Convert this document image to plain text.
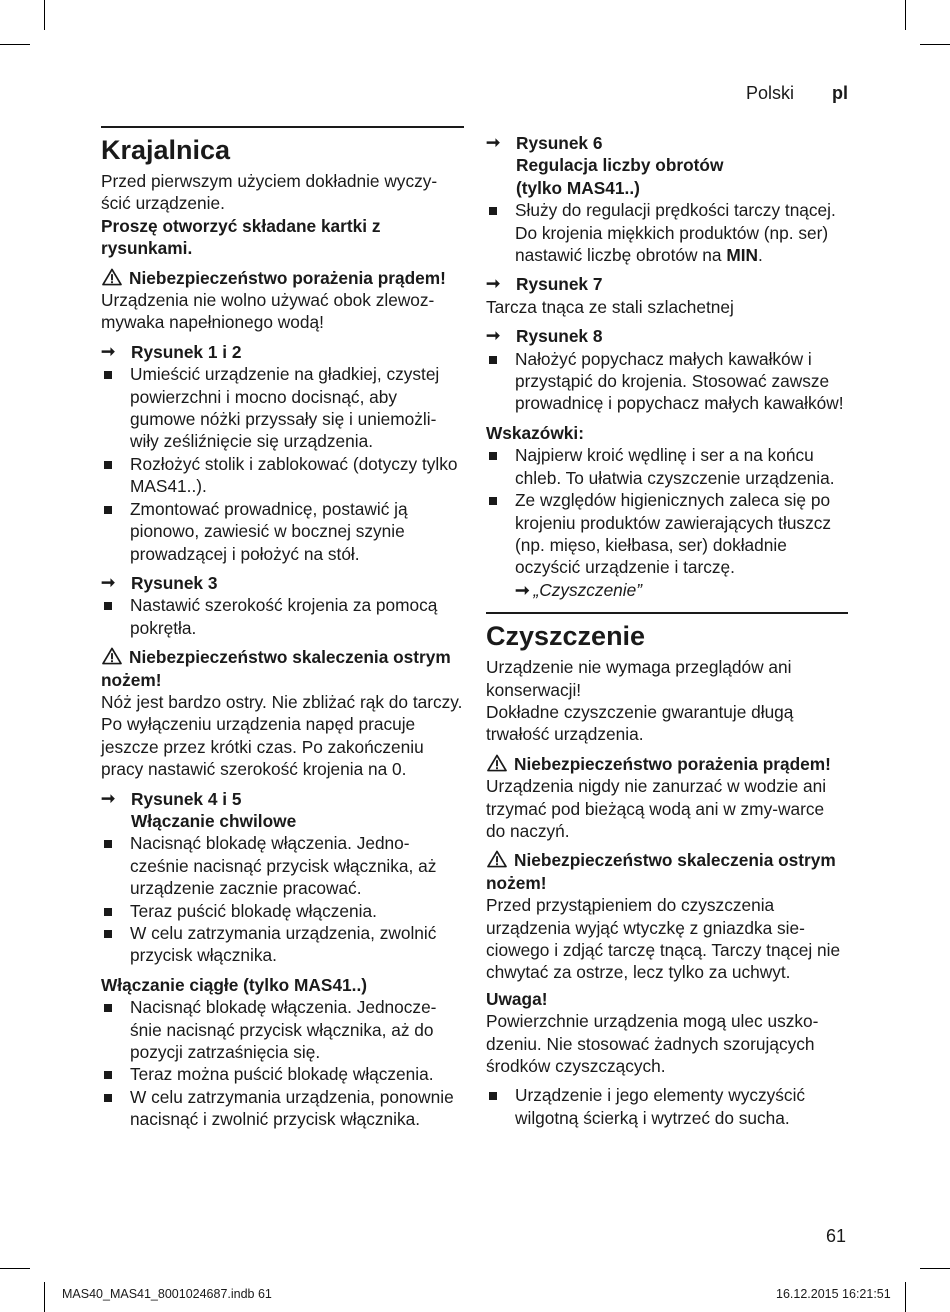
Polski pl
Krajalnica

Przed pierwszym użyciem dokładnie wyczy-ścić urządzenie.

Proszę otworzyć składane kartki z rysunkami.

Niebezpieczeństwo porażenia prądem!

Urządzenia nie wolno używać obok zlewoz-mywaka napełnionego wodą!

➞ Rysunek 1 i 2

Umieścić urządzenie na gładkiej, czystej powierzchni i mocno docisnąć, aby gumowe nóżki przyssały się i uniemożli-wiły ześliźnięcie się urządzenia.
Rozłożyć stolik i zablokować (dotyczy tylko MAS41..).
Zmontować prowadnicę, postawić ją pionowo, zawiesić w bocznej szynie prowadzącej i położyć na stół.

➞ Rysunek 3

Nastawić szerokość krojenia za pomocą pokrętła.

Niebezpieczeństwo skaleczenia ostrym nożem!

Nóż jest bardzo ostry. Nie zbliżać rąk do tarczy. Po wyłączeniu urządzenia napęd pracuje jeszcze przez krótki czas. Po zakończeniu pracy nastawić szerokość krojenia na 0.

➞ Rysunek 4 i 5
Włączanie chwilowe

Nacisnąć blokadę włączenia. Jedno-cześnie nacisnąć przycisk włącznika, aż urządzenie zacznie pracować.
Teraz puścić blokadę włączenia.
W celu zatrzymania urządzenia, zwolnić przycisk włącznika.

Włączanie ciągłe (tylko MAS41..)

Nacisnąć blokadę włączenia. Jednocze-śnie nacisnąć przycisk włącznika, aż do pozycji zatrzaśnięcia się.
Teraz można puścić blokadę włączenia.
W celu zatrzymania urządzenia, ponownie nacisnąć i zwolnić przycisk włącznika.

➞ Rysunek 6
Regulacja liczby obrotów
(tylko MAS41..)

Służy do regulacji prędkości tarczy tnącej. Do krojenia miękkich produktów (np. ser) nastawić liczbę obrotów na MIN.

➞ Rysunek 7

Tarcza tnąca ze stali szlachetnej

➞ Rysunek 8

Nałożyć popychacz małych kawałków i przystąpić do krojenia. Stosować zawsze prowadnicę i popychacz małych kawałków!

Wskazówki:

Najpierw kroić wędlinę i ser a na końcu chleb. To ułatwia czyszczenie urządzenia.
Ze względów higienicznych zaleca się po krojeniu produktów zawierających tłuszcz (np. mięso, kiełbasa, ser) dokładnie oczyścić urządzenie i tarczę.
➞ „Czyszczenie”
Czyszczenie

Urządzenie nie wymaga przeglądów ani konserwacji!

Dokładne czyszczenie gwarantuje długą trwałość urządzenia.

Niebezpieczeństwo porażenia prądem!

Urządzenia nigdy nie zanurzać w wodzie ani trzymać pod bieżącą wodą ani w zmy-warce do naczyń.

Niebezpieczeństwo skaleczenia ostrym nożem!

Przed przystąpieniem do czyszczenia urządzenia wyjąć wtyczkę z gniazdka sie-ciowego i zdjąć tarczę tnącą. Tarczy tnącej nie chwytać za ostrze, lecz tylko za uchwyt.

Uwaga!

Powierzchnie urządzenia mogą ulec uszko-dzeniu. Nie stosować żadnych szorujących środków czyszczących.

Urządzenie i jego elementy wyczyścić wilgotną ścierką i wytrzeć do sucha.
61
MAS40_MAS41_8001024687.indb 61	16.12.2015 16:21:51
